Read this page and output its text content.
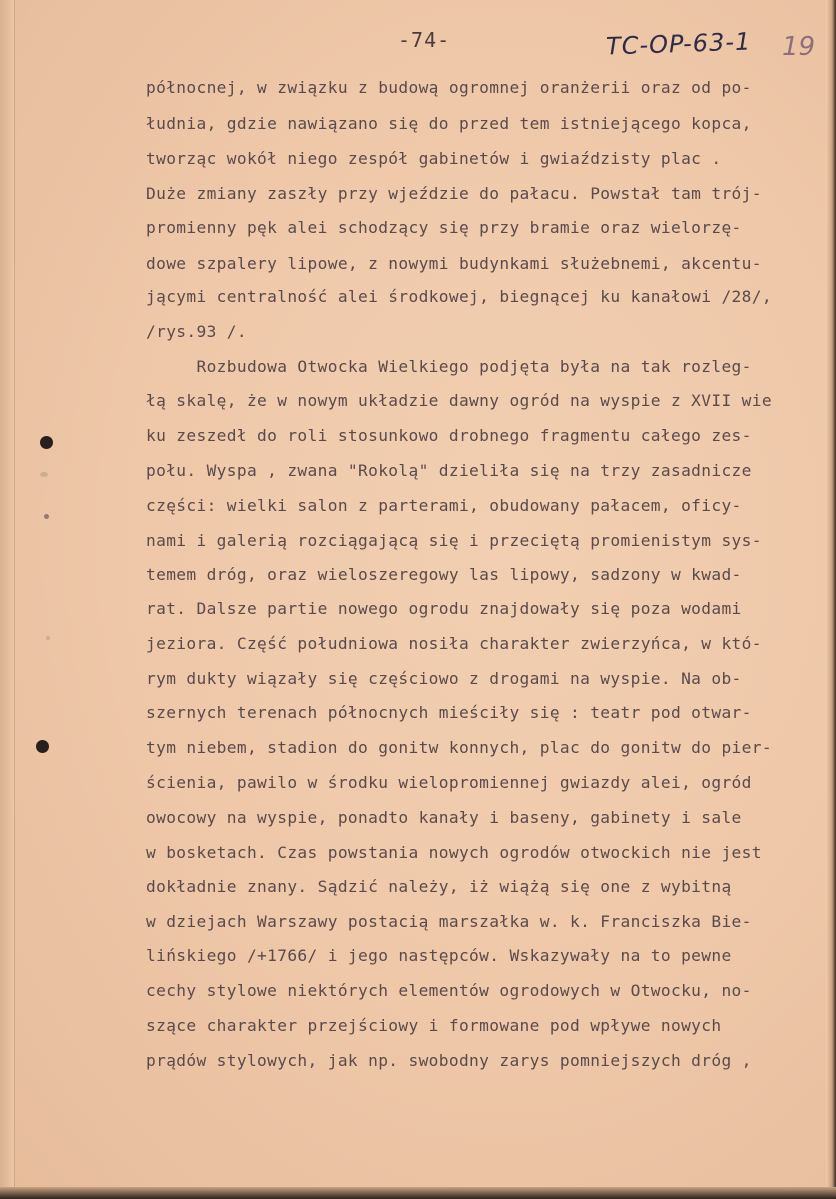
-74-	TC-OP-63-1 19
północnej, w związku z budową ogromnej oranżerii oraz od po-
łudnia, gdzie nawiązano się do przed tem istniejącego kopca,
tworząc wokół niego zespół gabinetów i gwiaździsty plac .
Duże zmiany zaszły przy wjeździe do pałacu. Powstał tam trój-
promienny pęk alei schodzący się przy bramie oraz wielorzę-
dowe szpalery lipowe, z nowymi budynkami służebnemi, akcentu-
jącymi centralność alei środkowej, biegnącej ku kanałowi /28/,
/rys.93 /.
Rozbudowa Otwocka Wielkiego podjęta była na tak rozleg-
łą skalę, że w nowym układzie dawny ogród na wyspie z XVII wie
ku zeszedł do roli stosunkowo drobnego fragmentu całego zes-
połu. Wyspa , zwana "Rokolą" dzieliła się na trzy zasadnicze
części: wielki salon z parterami, obudowany pałacem, oficy-
nami i galerią rozciągającą się i przeciętą promienistym sys-
temem dróg, oraz wieloszeregowy las lipowy, sadzony w kwad-
rat. Dalsze partie nowego ogrodu znajdowały się poza wodami
jeziora. Część południowa nosiła charakter zwierzyńca, w któ-
rym dukty wiązały się częściowo z drogami na wyspie. Na ob-
szernych terenach północnych mieściły się : teatr pod otwar-
tym niebem, stadion do gonitw konnych, plac do gonitw do pier-
ścienia, pawilo w środku wielopromiennej gwiazdy alei, ogród
owocowy na wyspie, ponadto kanały i baseny, gabinety i sale
w bosketach. Czas powstania nowych ogrodów otwockich nie jest
dokładnie znany. Sądzić należy, iż wiążą się one z wybitną
w dziejach Warszawy postacią marszałka w. k. Franciszka Bie-
lińskiego /+1766/ i jego następców. Wskazywały na to pewne
cechy stylowe niektórych elementów ogrodowych w Otwocku, no-
szące charakter przejściowy i formowane pod wpływe nowych
prądów stylowych, jak np. swobodny zarys pomniejszych dróg ,
